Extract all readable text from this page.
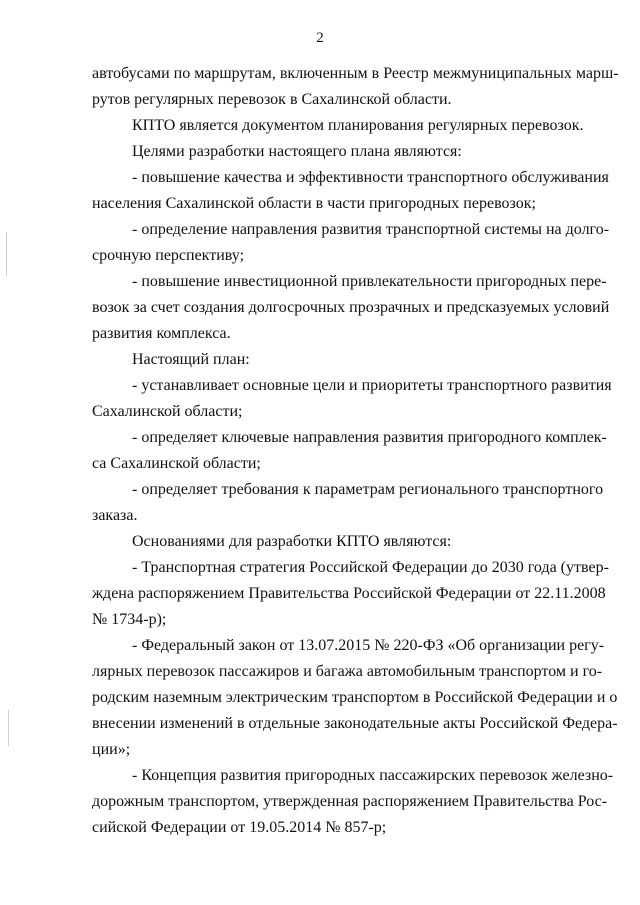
2
автобусами по маршрутам, включенным в Реестр межмуниципальных марш-
рутов регулярных перевозок в Сахалинской области.
КПТО является документом планирования регулярных перевозок.
Целями разработки настоящего плана являются:
- повышение качества и эффективности транспортного обслуживания
населения Сахалинской области в части пригородных перевозок;
- определение направления развития транспортной системы на долго-
срочную перспективу;
- повышение инвестиционной привлекательности пригородных пере-
возок за счет создания долгосрочных прозрачных и предсказуемых условий
развития комплекса.
Настоящий план:
- устанавливает основные цели и приоритеты транспортного развития
Сахалинской области;
- определяет ключевые направления развития пригородного комплек-
са Сахалинской области;
- определяет требования к параметрам регионального транспортного
заказа.
Основаниями для разработки КПТО являются:
- Транспортная стратегия Российской Федерации до 2030 года (утвер-
ждена распоряжением Правительства Российской Федерации от 22.11.2008
№ 1734-р);
- Федеральный закон от 13.07.2015 № 220-ФЗ «Об организации регу-
лярных перевозок пассажиров и багажа автомобильным транспортом и го-
родским наземным электрическим транспортом в Российской Федерации и о
внесении изменений в отдельные законодательные акты Российской Федера-
ции»;
- Концепция развития пригородных пассажирских перевозок железно-
дорожным транспортом, утвержденная распоряжением Правительства Рос-
сийской Федерации от 19.05.2014 № 857-р;
